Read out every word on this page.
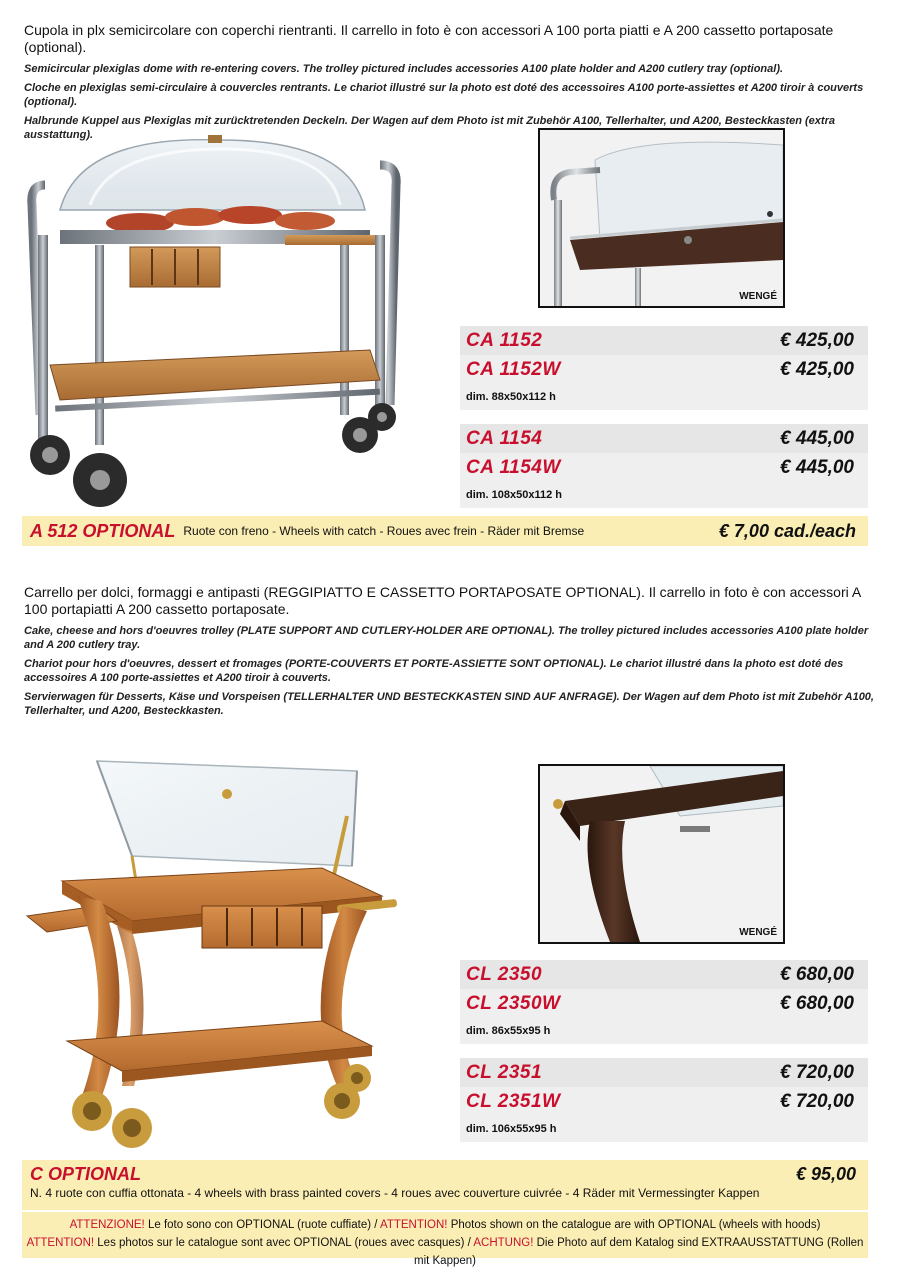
Cupola in plx semicircolare con coperchi rientranti. Il carrello in foto è con accessori A 100 porta piatti e A 200 cassetto portaposate (optional).

Semicircular plexiglas dome with re-entering covers. The trolley pictured includes accessories A100 plate holder and A200 cutlery tray (optional).

Cloche en plexiglas semi-circulaire à couvercles rentrants. Le chariot illustré sur la photo est doté des accessoires A100 porte-assiettes et A200 tiroir à couverts (optional).

Halbrunde Kuppel aus Plexiglas mit zurücktretenden Deckeln. Der Wagen auf dem Photo ist mit Zubehör A100, Tellerhalter, und A200, Besteckkasten (extra ausstattung).

WENGÉ
CA 1152	€ 425,00
CA 1152W	€ 425,00
dim. 88x50x112 h
CA 1154	€ 445,00
CA 1154W	€ 445,00
dim. 108x50x112 h
A 512 OPTIONAL Ruote con freno - Wheels with catch - Roues avec frein - Räder mit Bremse	€ 7,00 cad./each

Carrello per dolci, formaggi e antipasti (REGGIPIATTO E CASSETTO PORTAPOSATE OPTIONAL). Il carrello in foto è con accessori A 100 portapiatti A 200 cassetto portaposate.

Cake, cheese and hors d'oeuvres trolley (PLATE SUPPORT AND CUTLERY-HOLDER ARE OPTIONAL). The trolley pictured includes accessories A100 plate holder and A 200 cutlery tray.

Chariot pour hors d'oeuvres, dessert et fromages (PORTE-COUVERTS ET PORTE-ASSIETTE SONT OPTIONAL). Le chariot illustré dans la photo est doté des accessoires A 100 porte-assiettes et A200 tiroir à couverts.

Servierwagen für Desserts, Käse und Vorspeisen (TELLERHALTER UND BESTECKKASTEN SIND AUF ANFRAGE). Der Wagen auf dem Photo ist mit Zubehör A100, Tellerhalter, und A200, Besteckkasten.

WENGÉ
CL 2350	€ 680,00
CL 2350W	€ 680,00
dim. 86x55x95 h
CL 2351	€ 720,00
CL 2351W	€ 720,00
dim. 106x55x95 h
C OPTIONAL	€ 95,00
N. 4 ruote con cuffia ottonata - 4 wheels with brass painted covers - 4 roues avec couverture cuivrée - 4 Räder mit Vermessingter Kappen
ATTENZIONE! Le foto sono con OPTIONAL (ruote cuffiate) / ATTENTION! Photos shown on the catalogue are with OPTIONAL (wheels with hoods)
ATTENTION! Les photos sur le catalogue sont avec OPTIONAL (roues avec casques) / ACHTUNG! Die Photo auf dem Katalog sind EXTRAAUSSTATTUNG (Rollen mit Kappen)
